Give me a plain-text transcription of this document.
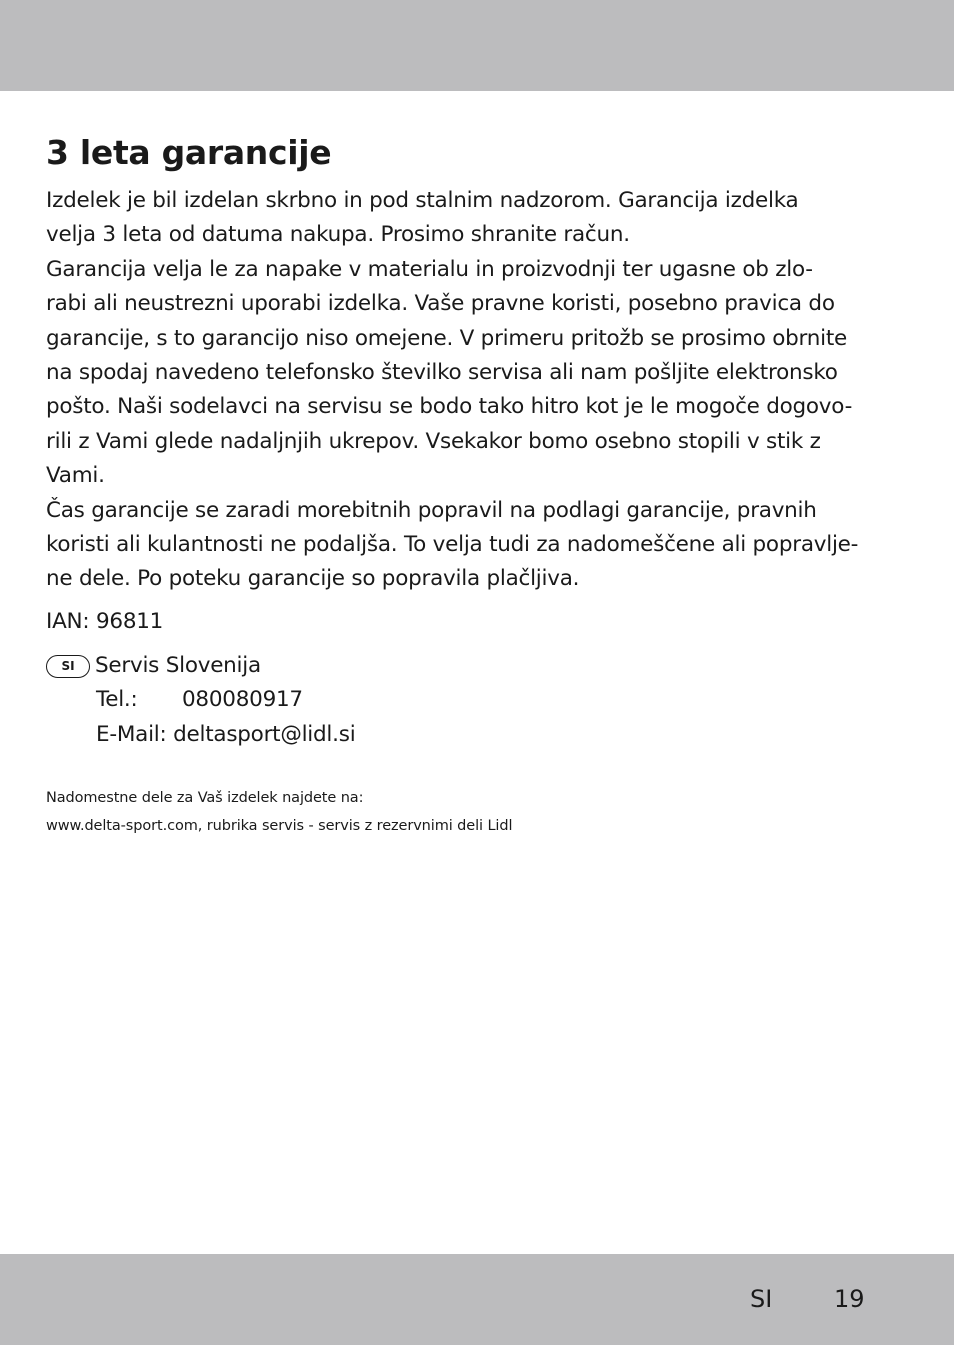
3 leta garancije
Izdelek je bil izdelan skrbno in pod stalnim nadzorom. Garancija izdelka
velja 3 leta od datuma nakupa. Prosimo shranite račun.
Garancija velja le za napake v materialu in proizvodnji ter ugasne ob zlo-
rabi ali neustrezni uporabi izdelka. Vaše pravne koristi, posebno pravica do
garancije, s to garancijo niso omejene. V primeru pritožb se prosimo obrnite
na spodaj navedeno telefonsko številko servisa ali nam pošljite elektronsko
pošto. Naši sodelavci na servisu se bodo tako hitro kot je le mogoče dogovo-
rili z Vami glede nadaljnjih ukrepov. Vsekakor bomo osebno stopili v stik z
Vami.
Čas garancije se zaradi morebitnih popravil na podlagi garancije, pravnih
koristi ali kulantnosti ne podaljša. To velja tudi za nadomeščene ali popravlje-
ne dele. Po poteku garancije so popravila plačljiva.
IAN: 96811
SI Servis Slovenija
Tel.: 080080917
E-Mail: deltasport@lidl.si
Nadomestne dele za Vaš izdelek najdete na:
www.delta-sport.com, rubrika servis - servis z rezervnimi deli Lidl
SI	19
